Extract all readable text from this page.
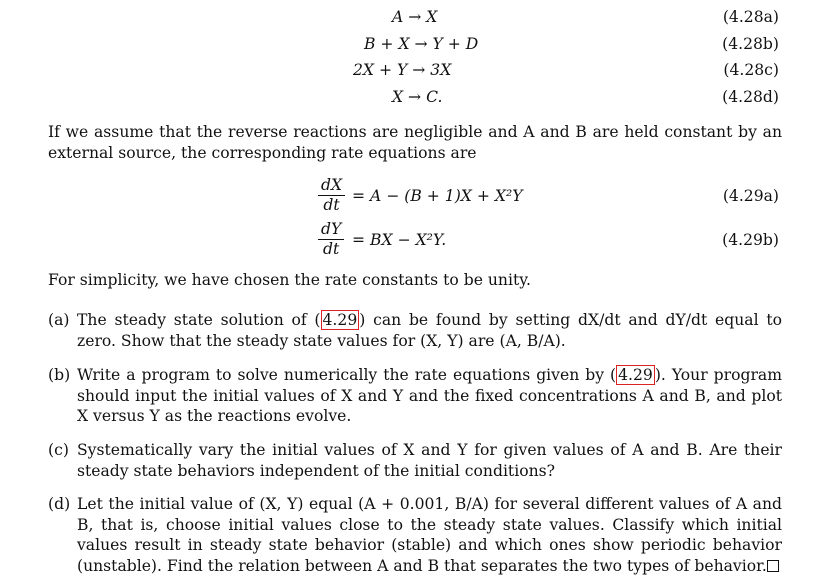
A → X	(4.28a)
B + X → Y + D	(4.28b)
2X + Y → 3X	(4.28c)
X → C.	(4.28d)

If we assume that the reverse reactions are negligible and A and B are held constant by an external source, the corresponding rate equations are

$\frac{dX}{dt} = A - (B + 1)X + X^2Y$	(4.29a)
$\frac{dY}{dt}$ = BX − X²Y.	(4.29b)

For simplicity, we have chosen the rate constants to be unity.

(a) The steady state solution of ( 4.29 ) can be found by setting dX/dt and dY/dt equal to zero. Show that the steady state values for (X, Y) are (A, B/A).
(b) Write a program to solve numerically the rate equations given by ( 4.29 ). Your program should input the initial values of X and Y and the fixed concentrations A and B, and plot X versus Y as the reactions evolve.
(c) Systematically vary the initial values of X and Y for given values of A and B. Are their steady state behaviors independent of the initial conditions?
(d) Let the initial value of (X, Y) equal (A + 0.001, B/A) for several different values of A and B, that is, choose initial values close to the steady state values. Classify which initial values result in steady state behavior (stable) and which ones show periodic behavior (unstable). Find the relation between A and B that separates the two types of behavior.
